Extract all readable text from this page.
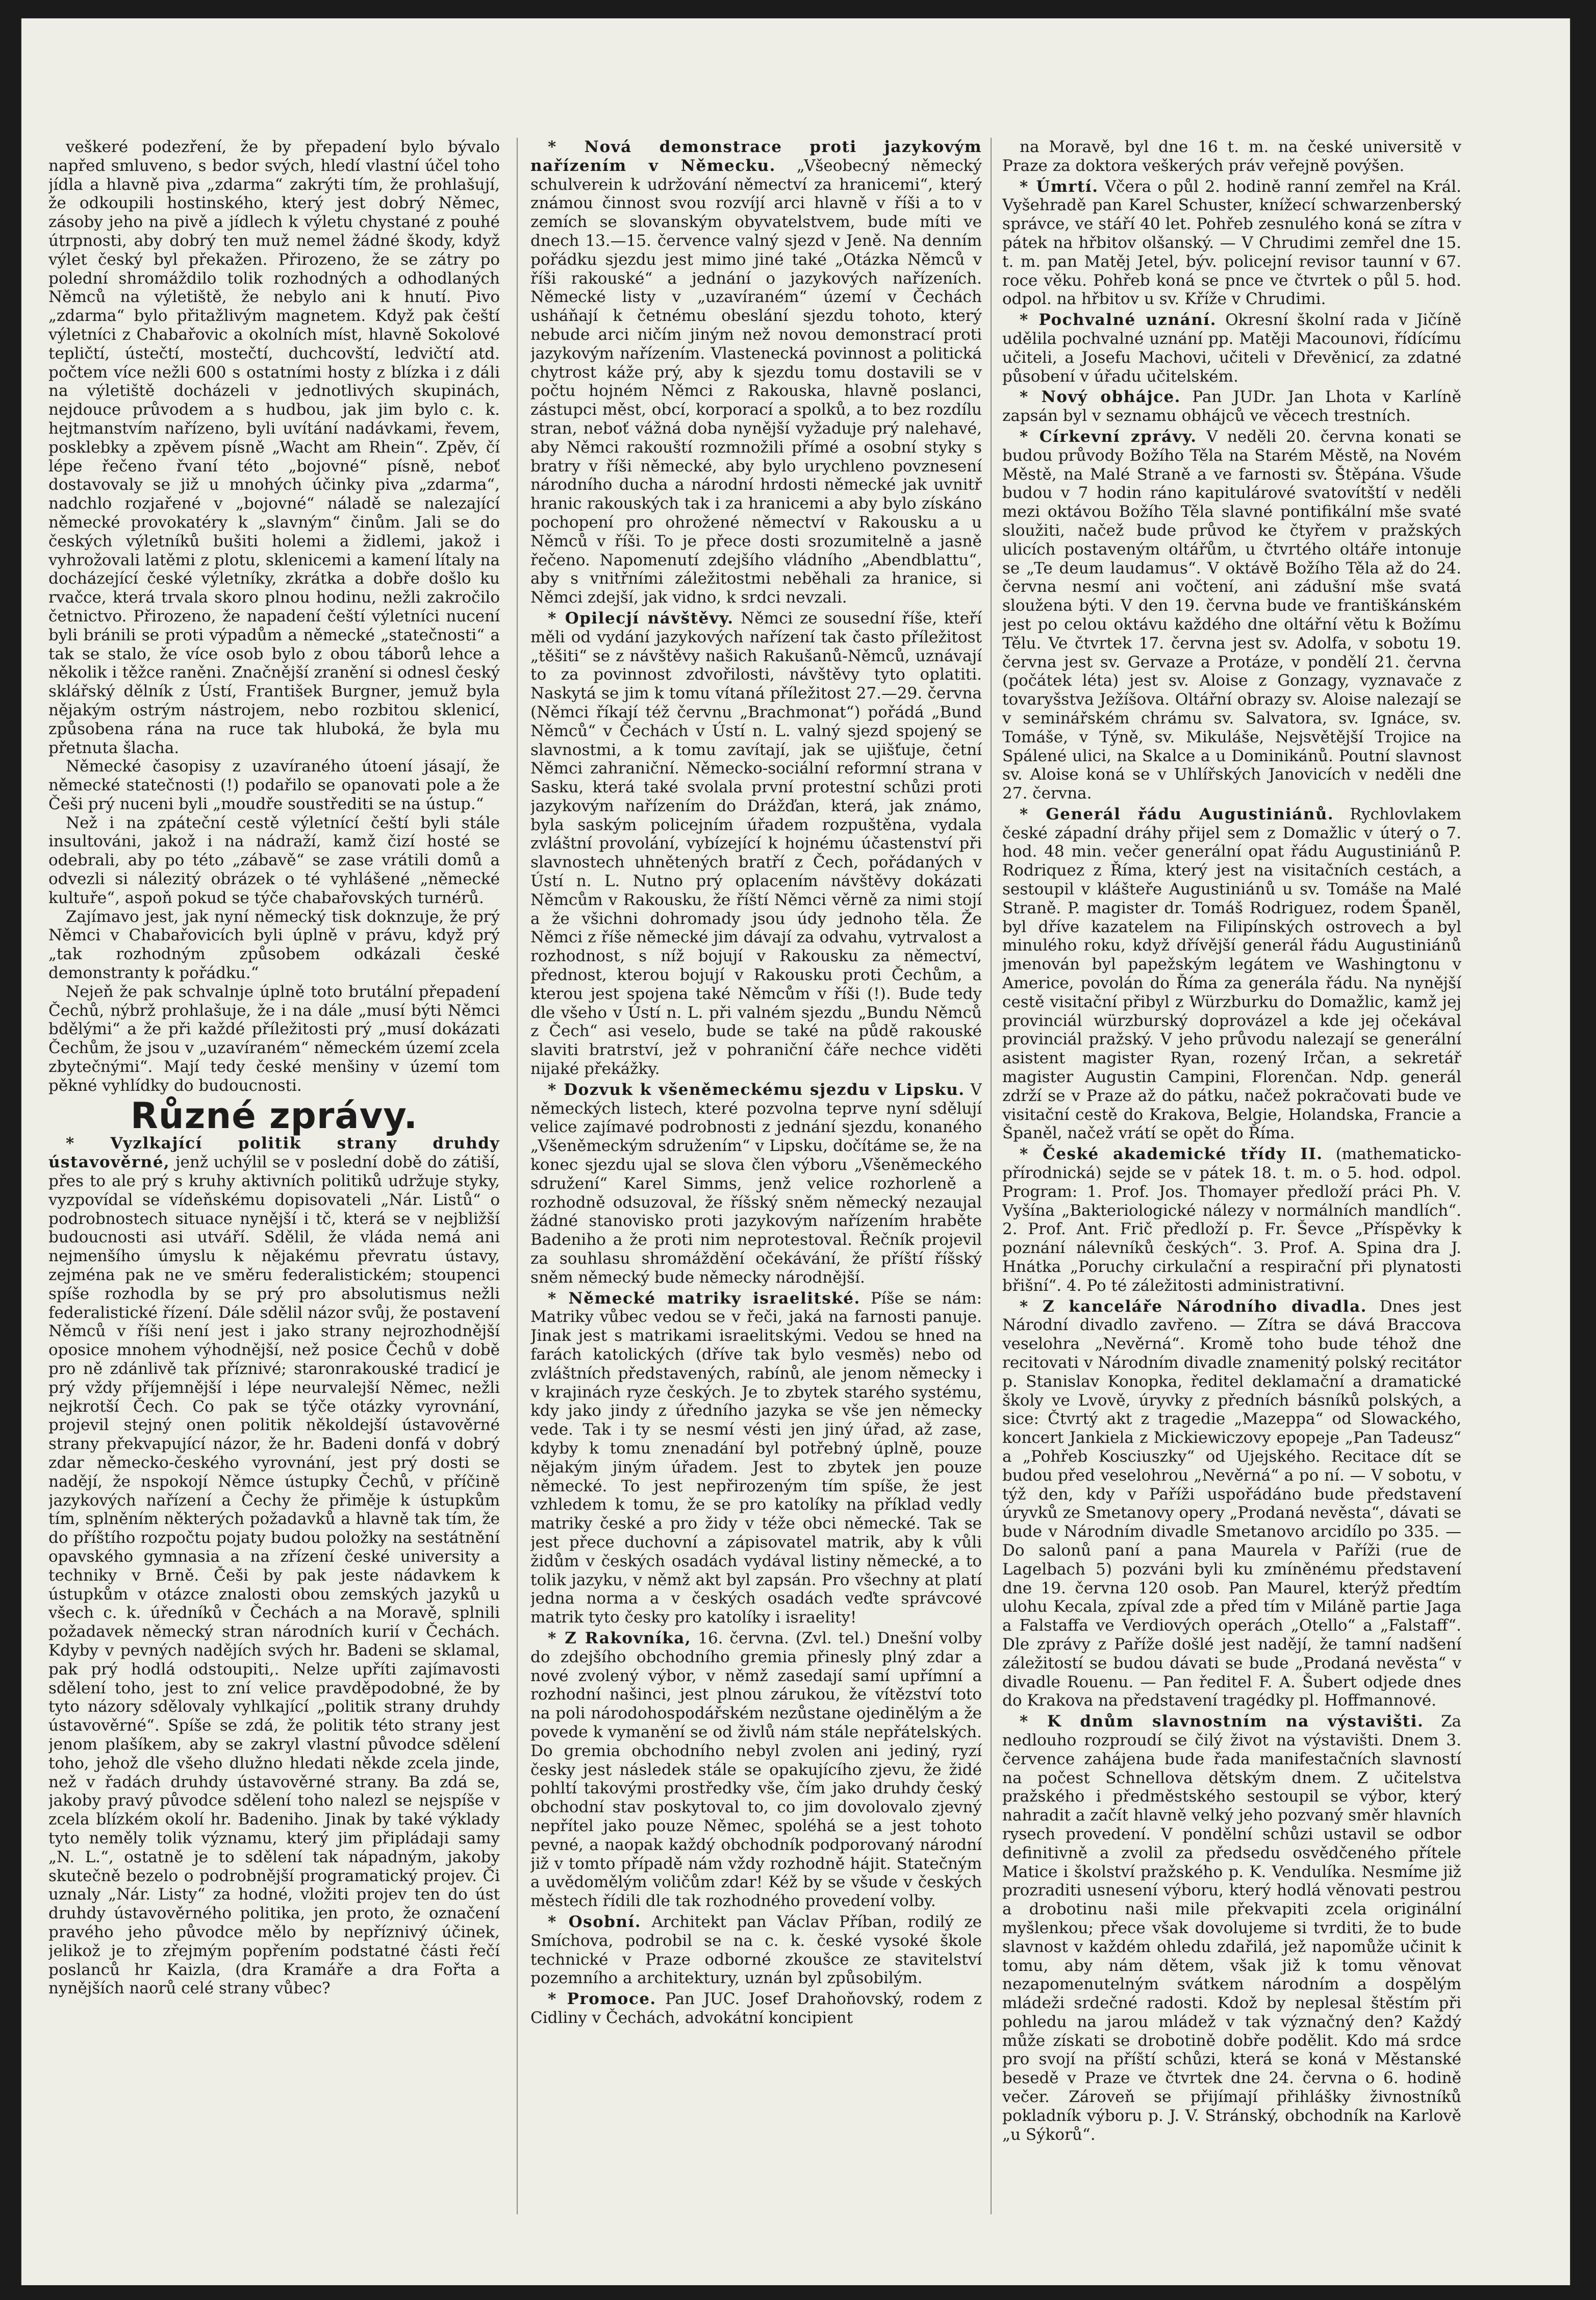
veškeré podezření, že by přepadení bylo bývalo napřed smluveno, s bedor svých, hledí vlastní účel toho jídla a hlavně piva „zdarma“ zakrýti tím, že prohlašují, že odkoupili hostinského, který jest dobrý Němec, zásoby jeho na pivě a jídlech k výletu chystané z pouhé útrpnosti, aby dobrý ten muž nemel žádné škody, když výlet český byl překažen. Přirozeno, že se zátry po polední shromáždilo tolik rozhodných a odhodlaných Němců na výletiště, že nebylo ani k hnutí. Pivo „zdarma“ bylo přitažlivým magnetem. Když pak čeští výletníci z Chabařovic a okolních míst, hlavně Sokolové tepličtí, ústečtí, mostečtí, duchcovští, ledvičtí atd. počtem více nežli 600 s ostatními hosty z blízka i z dáli na výletiště docházeli v jednotlivých skupinách, nejdouce průvodem a s hudbou, jak jim bylo c. k. hejtmanstvím nařízeno, byli uvítání nadávkami, řevem, posklebky a zpěvem písně „Wacht am Rhein“. Zpěv, čí lépe řečeno řvaní této „bojovné“ písně, neboť dostavovaly se již u mnohých účinky piva „zdarma“, nadchlo rozjařené v „bojovné“ náladě se nalezající německé provokatéry k „slavným“ činům. Jali se do českých výletníků bušiti holemi a židlemi, jakož i vyhrožovali latěmi z plotu, sklenicemi a kamení lítaly na docházející české výletníky, zkrátka a dobře došlo ku rvačce, která trvala skoro plnou hodinu, nežli zakročilo četnictvo. Přirozeno, že napadení čeští výletníci nucení byli bránili se proti výpadům a německé „statečnosti“ a tak se stalo, že více osob bylo z obou táborů lehce a několik i těžce raněni. Značnější zranění si odnesl český sklářský dělník z Ústí, František Burgner, jemuž byla nějakým ostrým nástrojem, nebo rozbitou sklenicí, způsobena rána na ruce tak hluboká, že byla mu přetnuta šlacha.

Německé časopisy z uzavíraného útoení jásají, že německé statečnosti (!) podařilo se opanovati pole a že Češi prý nuceni byli „moudře soustřediti se na ústup.“

Než i na zpáteční cestě výletnící čeští byli stále insultováni, jakož i na nádraží, kamž čizí hosté se odebrali, aby po této „zábavě“ se zase vrátili domů a odvezli si nálezitý obrázek o té vyhlášené „německé kultuře“, aspoň pokud se týče chabařovských turnérů.

Zajímavo jest, jak nyní německý tisk doknzuje, že prý Němci v Chabařovicích byli úplně v právu, když prý „tak rozhodným způsobem odkázali české demonstranty k pořádku.“

Nejeň že pak schvalnje úplně toto brutální přepadení Čechů, nýbrž prohlašuje, že i na dále „musí býti Němci bdělými“ a že při každé příležitosti prý „musí dokázati Čechům, že jsou v „uzavíraném“ německém území zcela zbytečnými“. Mají tedy české menšiny v území tom pěkné vyhlídky do budoucnosti.

Různé zprávy.

* Vyzlkající politik strany druhdy ústavověrné, jenž uchýlil se v poslední době do zátiší, přes to ale prý s kruhy aktivních politiků udržuje styky, vyzpovídal se vídeňskému dopisovateli „Nár. Listů“ o podrobnostech situace nynější i tč, která se v nejbližší budoucnosti asi utváří. Sdělil, že vláda nemá ani nejmenšího úmyslu k nějakému převratu ústavy, zejména pak ne ve směru federalistickém; stoupenci spíše rozhodla by se prý pro absolutismus nežli federalistické řízení. Dále sdělil názor svůj, že postavení Němců v říši není jest i jako strany nejrozhodnější oposice mnohem výhodnější, než posice Čechů v době pro ně zdánlivě tak příznivé; staronrakouské tradicí je prý vždy příjemnější i lépe neurvalejší Němec, nežli nejkrotší Čech. Co pak se týče otázky vyrovnání, projevil stejný onen politik několdejší ústavověrné strany překvapující názor, že hr. Badeni donfá v dobrý zdar německo-českého vyrovnání, jest prý dosti se nadějí, že nspokojí Němce ústupky Čechů, v příčině jazykových nařízení a Čechy že přiměje k ústupkům tím, splněním některých požadavků a hlavně tak tím, že do příštího rozpočtu pojaty budou položky na sestátnění opavského gymnasia a na zřízení české university a techniky v Brně. Češi by pak jeste nádavkem k ústupkům v otázce znalosti obou zemských jazyků u všech c. k. úředníků v Čechách a na Moravě, splnili požadavek německý stran národních kurií v Čechách. Kdyby v pevných nadějích svých hr. Badeni se sklamal, pak prý hodlá odstoupiti,. Nelze upříti zajímavosti sdělení toho, jest to zní velice pravděpodobné, že by tyto názory sdělovaly vyhlkající „politik strany druhdy ústavověrné“. Spíše se zdá, že politik této strany jest jenom plašíkem, aby se zakryl vlastní původce sdělení toho, jehož dle všeho dlužno hledati někde zcela jinde, než v řadách druhdy ústavověrné strany. Ba zdá se, jakoby pravý původce sdělení toho nalezl se nejspíše v zcela blízkém okolí hr. Badeniho. Jinak by také výklady tyto neměly tolik významu, který jim připládaji samy „N. L.“, ostatně je to sdělení tak nápadným, jakoby skutečně bezelo o podrobnější programatický projev. Či uznaly „Nár. Listy“ za hodné, vložiti projev ten do úst druhdy ústavověrného politika, jen proto, že označení pravého jeho původce mělo by nepříznivý účinek, jelikož je to zřejmým popřením podstatné části řečí poslanců hr Kaizla, (dra Kramáře a dra Fořta a nynějších naorů celé strany vůbec?

* Nová demonstrace proti jazykovým nařízením v Německu. „Všeobecný německý schulverein k udržování němectví za hranicemi“, který známou činnost svou rozvíjí arci hlavně v říši a to v zemích se slovanským obyvatelstvem, bude míti ve dnech 13.—15. července valný sjezd v Jeně. Na denním pořádku sjezdu jest mimo jiné také „Otázka Němců v říši rakouské“ a jednání o jazykových nařízeních. Německé listy v „uzavíraném“ území v Čechách usháňají k četnému obeslání sjezdu tohoto, který nebude arci ničím jiným než novou demonstrací proti jazykovým nařízením. Vlastenecká povinnost a politická chytrost káže prý, aby k sjezdu tomu dostavili se v počtu hojném Němci z Rakouska, hlavně poslanci, zástupci měst, obcí, korporací a spolků, a to bez rozdílu stran, neboť vážná doba nynější vyžaduje prý nalehavé, aby Němci rakouští rozmnožili přímé a osobní styky s bratry v říši německé, aby bylo urychleno povznesení národního ducha a národní hrdosti německé jak uvnitř hranic rakouských tak i za hranicemi a aby bylo získáno pochopení pro ohrožené němectví v Rakousku a u Němců v říši. To je přece dosti srozumitelně a jasně řečeno. Napomenutí zdejšího vládního „Abendblattu“, aby s vnitřními záležitostmi neběhali za hranice, si Němci zdejší, jak vidno, k srdci nevzali.

* Opilecjí návštěvy. Němci ze sousední říše, kteří měli od vydání jazykových nařízení tak často příležitost „těšiti“ se z návštěvy našich Rakušanů-Němců, uznávají to za povinnost zdvořilosti, návštěvy tyto oplatiti. Naskytá se jim k tomu vítaná příležitost 27.—29. června (Němci říkají též červnu „Brachmonat“) pořádá „Bund Němců“ v Čechách v Ústí n. L. valný sjezd spojený se slavnostmi, a k tomu zavítají, jak se ujišťuje, četní Němci zahraniční. Německo-sociální reformní strana v Sasku, která také svolala první protestní schůzi proti jazykovým nařízením do Drážďan, která, jak známo, byla saským policejním úřadem rozpuštěna, vydala zvláštní provolání, vybízející k hojnému účastenství při slavnostech uhnětených bratří z Čech, pořádaných v Ústí n. L. Nutno prý oplacením návštěvy dokázati Němcům v Rakousku, že říští Němci věrně za nimi stojí a že všichni dohromady jsou údy jednoho těla. Že Němci z říše německé jim dávají za odvahu, vytrvalost a rozhodnost, s níž bojují v Rakousku za němectví, přednost, kterou bojují v Rakousku proti Čechům, a kterou jest spojena také Němcům v říši (!). Bude tedy dle všeho v Ústí n. L. při valném sjezdu „Bundu Němců z Čech“ asi veselo, bude se také na půdě rakouské slaviti bratrství, jež v pohraniční čáře nechce viděti nijaké překážky.

* Dozvuk k všeněmeckému sjezdu v Lipsku. V německých listech, které pozvolna teprve nyní sdělují velice zajímavé podrobnosti z jednání sjezdu, konaného „Všeněmeckým sdružením“ v Lipsku, dočítáme se, že na konec sjezdu ujal se slova člen výboru „Všeněmeckého sdružení“ Karel Simms, jenž velice rozhorleně a rozhodně odsuzoval, že říšský sněm německý nezaujal žádné stanovisko proti jazykovým nařízením hraběte Badeniho a že proti nim neprotestoval. Řečník projevil za souhlasu shromáždění očekávání, že příští říšský sněm německý bude německy národnější.

* Německé matriky israelitské. Píše se nám: Matriky vůbec vedou se v řeči, jaká na farnosti panuje. Jinak jest s matrikami israelitskými. Vedou se hned na farách katolických (dříve tak bylo vesměs) nebo od zvláštních představených, rabínů, ale jenom německy i v krajinách ryze českých. Je to zbytek starého systému, kdy jako jindy z úředního jazyka se vše jen německy vede. Tak i ty se nesmí vésti jen jiný úřad, až zase, kdyby k tomu znenadání byl potřebný úplně, pouze nějakým jiným úřadem. Jest to zbytek jen pouze německé. To jest nepřirozeným tím spíše, že jest vzhledem k tomu, že se pro katolíky na příklad vedly matriky české a pro židy v téže obci německé. Tak se jest přece duchovní a zápisovatel matrik, aby k vůli židům v českých osadách vydával listiny německé, a to tolik jazyku, v němž akt byl zapsán. Pro všechny at platí jedna norma a v českých osadách veďte správcové matrik tyto česky pro katolíky i israelity!

* Z Rakovníka, 16. června. (Zvl. tel.) Dnešní volby do zdejšího obchodního gremia přinesly plný zdar a nové zvolený výbor, v němž zasedají samí upřímní a rozhodní našinci, jest plnou zárukou, že vítězství toto na poli národohospodářském nezůstane ojedinělým a že povede k vymanění se od živlů nám stále nepřátelských. Do gremia obchodního nebyl zvolen ani jediný, ryzí česky jest následek stále se opakujícího zjevu, že židé pohltí takovými prostředky vše, čím jako druhdy český obchodní stav poskytoval to, co jim dovolovalo zjevný nepřítel jako pouze Němec, spoléhá se a jest tohoto pevné, a naopak každý obchodník podporovaný národní již v tomto případě nám vždy rozhodně hájit. Statečným a uvědomělým voličům zdar! Kéž by se všude v českých městech řídili dle tak rozhodného provedení volby.

* Osobní. Architekt pan Václav Příban, rodilý ze Smíchova, podrobil se na c. k. české vysoké škole technické v Praze odborné zkoušce ze stavitelství pozemního a architektury, uznán byl způsobilým.

* Promoce. Pan JUC. Josef Drahoňovský, rodem z Cidliny v Čechách, advokátní koncipient

na Moravě, byl dne 16 t. m. na české universitě v Praze za doktora veškerých práv veřejně povýšen.

* Úmrtí. Včera o půl 2. hodině ranní zemřel na Král. Vyšehradě pan Karel Schuster, knížecí schwarzenberský správce, ve stáří 40 let. Pohřeb zesnulého koná se zítra v pátek na hřbitov olšanský. — V Chrudimi zemřel dne 15. t. m. pan Matěj Jetel, býv. policejní revisor taunní v 67. roce věku. Pohřeb koná se pnce ve čtvrtek o půl 5. hod. odpol. na hřbitov u sv. Kříže v Chrudimi.

* Pochvalné uznání. Okresní školní rada v Jičíně udělila pochvalné uznání pp. Matěji Macounovi, řídícímu učiteli, a Josefu Machovi, učiteli v Dřevěnicí, za zdatné působení v úřadu učitelském.

* Nový obhájce. Pan JUDr. Jan Lhota v Karlíně zapsán byl v seznamu obhájců ve věcech trestních.

* Církevní zprávy. V neděli 20. června konati se budou průvody Božího Těla na Starém Městě, na Novém Městě, na Malé Straně a ve farnosti sv. Štěpána. Všude budou v 7 hodin ráno kapitulárové svatovítští v neděli mezi oktávou Božího Těla slavné pontifikální mše svaté sloužiti, načež bude průvod ke čtyřem v pražských ulicích postaveným oltářům, u čtvrtého oltáře intonuje se „Te deum laudamus“. V oktávě Božího Těla až do 24. června nesmí ani vočtení, ani zádušní mše svatá sloužena býti. V den 19. června bude ve františkánském jest po celou oktávu každého dne oltářní větu k Božímu Tělu. Ve čtvrtek 17. června jest sv. Adolfa, v sobotu 19. června jest sv. Gervaze a Protáze, v pondělí 21. června (počátek léta) jest sv. Aloise z Gonzagy, vyznavače z tovaryšstva Ježíšova. Oltářní obrazy sv. Aloise nalezají se v seminářském chrámu sv. Salvatora, sv. Ignáce, sv. Tomáše, v Týně, sv. Mikuláše, Nejsvětější Trojice na Spálené ulici, na Skalce a u Dominikánů. Poutní slavnost sv. Aloise koná se v Uhlířských Janovicích v neděli dne 27. června.

* Generál řádu Augustiniánů. Rychlovlakem české západní dráhy přijel sem z Domažlic v úterý o 7. hod. 48 min. večer generální opat řádu Augustiniánů P. Rodriquez z Říma, který jest na visitačních cestách, a sestoupil v klášteře Augustiniánů u sv. Tomáše na Malé Straně. P. magister dr. Tomáš Rodriguez, rodem Španěl, byl dříve kazatelem na Filipínských ostrovech a byl minulého roku, když dřívější generál řádu Augustiniánů jmenován byl papežským legátem ve Washingtonu v Americe, povolán do Říma za generála řádu. Na nynější cestě visitační přibyl z Würzburku do Domažlic, kamž jej provinciál würzburský doprovázel a kde jej očekával provinciál pražský. V jeho průvodu nalezají se generální asistent magister Ryan, rozený Irčan, a sekretář magister Augustin Campini, Florenčan. Ndp. generál zdrží se v Praze až do pátku, načež pokračovati bude ve visitační cestě do Krakova, Belgie, Holandska, Francie a Španěl, načež vrátí se opět do Říma.

* České akademické třídy II. (mathematicko-přírodnická) sejde se v pátek 18. t. m. o 5. hod. odpol. Program: 1. Prof. Jos. Thomayer předloží práci Ph. V. Vyšína „Bakteriologické nálezy v normálních mandlích“. 2. Prof. Ant. Frič předloží p. Fr. Ševce „Příspěvky k poznání nálevníků českých“. 3. Prof. A. Spina dra J. Hnátka „Poruchy cirkulační a respirační při plynatosti břišní“. 4. Po té záležitosti administrativní.

* Z kanceláře Národního divadla. Dnes jest Národní divadlo zavřeno. — Zítra se dává Braccova veselohra „Nevěrná“. Kromě toho bude téhož dne recitovati v Národním divadle znamenitý polský recitátor p. Stanislav Konopka, ředitel deklamační a dramatické školy ve Lvově, úryvky z předních básníků polských, a sice: Čtvrtý akt z tragedie „Mazeppa“ od Slowackého, koncert Jankiela z Mickiewiczovy epopeje „Pan Tadeusz“ a „Pohřeb Kosciuszky“ od Ujejského. Recitace dít se budou před veselohrou „Nevěrná“ a po ní. — V sobotu, v týž den, kdy v Paříži uspořádáno bude představení úryvků ze Smetanovy opery „Prodaná nevěsta“, dávati se bude v Národním divadle Smetanovo arcidílo po 335. — Do salonů paní a pana Maurela v Paříži (rue de Lagelbach 5) pozváni byli ku zmíněnému představení dne 19. června 120 osob. Pan Maurel, kterýž předtím ulohu Kecala, zpíval zde a před tím v Miláně partie Jaga a Falstaffa ve Verdiových operách „Otello“ a „Falstaff“. Dle zprávy z Paříže došlé jest nadějí, že tamní nadšení záležitostí se budou dávati se bude „Prodaná nevěsta“ v divadle Rouenu. — Pan ředitel F. A. Šubert odjede dnes do Krakova na představení tragédky pl. Hoffmannové.

* K dnům slavnostním na výstavišti. Za nedlouho rozproudí se čilý život na výstavišti. Dnem 3. července zahájena bude řada manifestačních slavností na počest Schnellova dětským dnem. Z učitelstva pražského i předměstského sestoupil se výbor, který nahradit a začít hlavně velký jeho pozvaný směr hlavních rysech provedení. V pondělní schůzi ustavil se odbor definitivně a zvolil za předsedu osvědčeného přítele Matice i školství pražského p. K. Vendulíka. Nesmíme již prozraditi usnesení výboru, který hodlá věnovati pestrou a drobotinu naši mile překvapiti zcela originální myšlenkou; přece však dovolujeme si tvrditi, že to bude slavnost v každém ohledu zdařilá, jež napomůže učinit k tomu, aby nám dětem, však již k tomu věnovat nezapomenutelným svátkem národním a dospělým mládeži srdečné radosti. Kdož by neplesal štěstím při pohledu na jarou mládež v tak význačný den? Každý může získati se drobotině dobře podělit. Kdo má srdce pro svojí na příští schůzi, která se koná v Městanské besedě v Praze ve čtvrtek dne 24. června o 6. hodině večer. Zároveň se přijímají přihlášky živnostníků pokladník výboru p. J. V. Stránský, obchodník na Karlově „u Sýkorů“.
